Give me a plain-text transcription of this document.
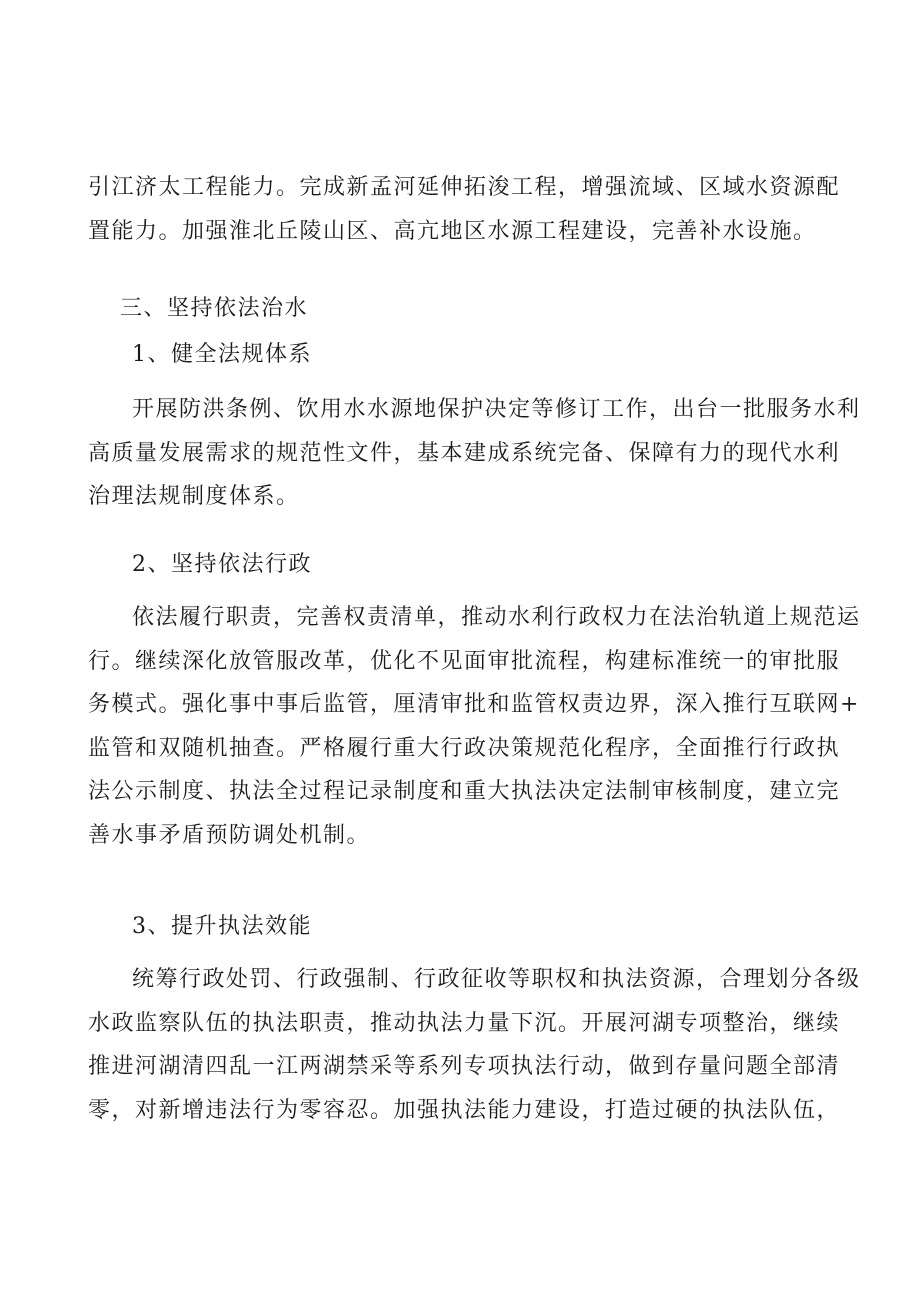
引江济太工程能力。完成新孟河延伸拓浚工程，增强流域、区域水资源配
置能力。加强淮北丘陵山区、高亢地区水源工程建设，完善补水设施。
三、坚持依法治水
1、健全法规体系
开展防洪条例、饮用水水源地保护决定等修订工作，出台一批服务水利
高质量发展需求的规范性文件，基本建成系统完备、保障有力的现代水利
治理法规制度体系。
2、坚持依法行政
依法履行职责，完善权责清单，推动水利行政权力在法治轨道上规范运
行。继续深化放管服改革，优化不见面审批流程，构建标准统一的审批服
务模式。强化事中事后监管，厘清审批和监管权责边界，深入推行互联网+
监管和双随机抽查。严格履行重大行政决策规范化程序，全面推行行政执
法公示制度、执法全过程记录制度和重大执法决定法制审核制度，建立完
善水事矛盾预防调处机制。
3、提升执法效能
统筹行政处罚、行政强制、行政征收等职权和执法资源，合理划分各级
水政监察队伍的执法职责，推动执法力量下沉。开展河湖专项整治，继续
推进河湖清四乱一江两湖禁采等系列专项执法行动，做到存量问题全部清
零，对新增违法行为零容忍。加强执法能力建设，打造过硬的执法队伍，
